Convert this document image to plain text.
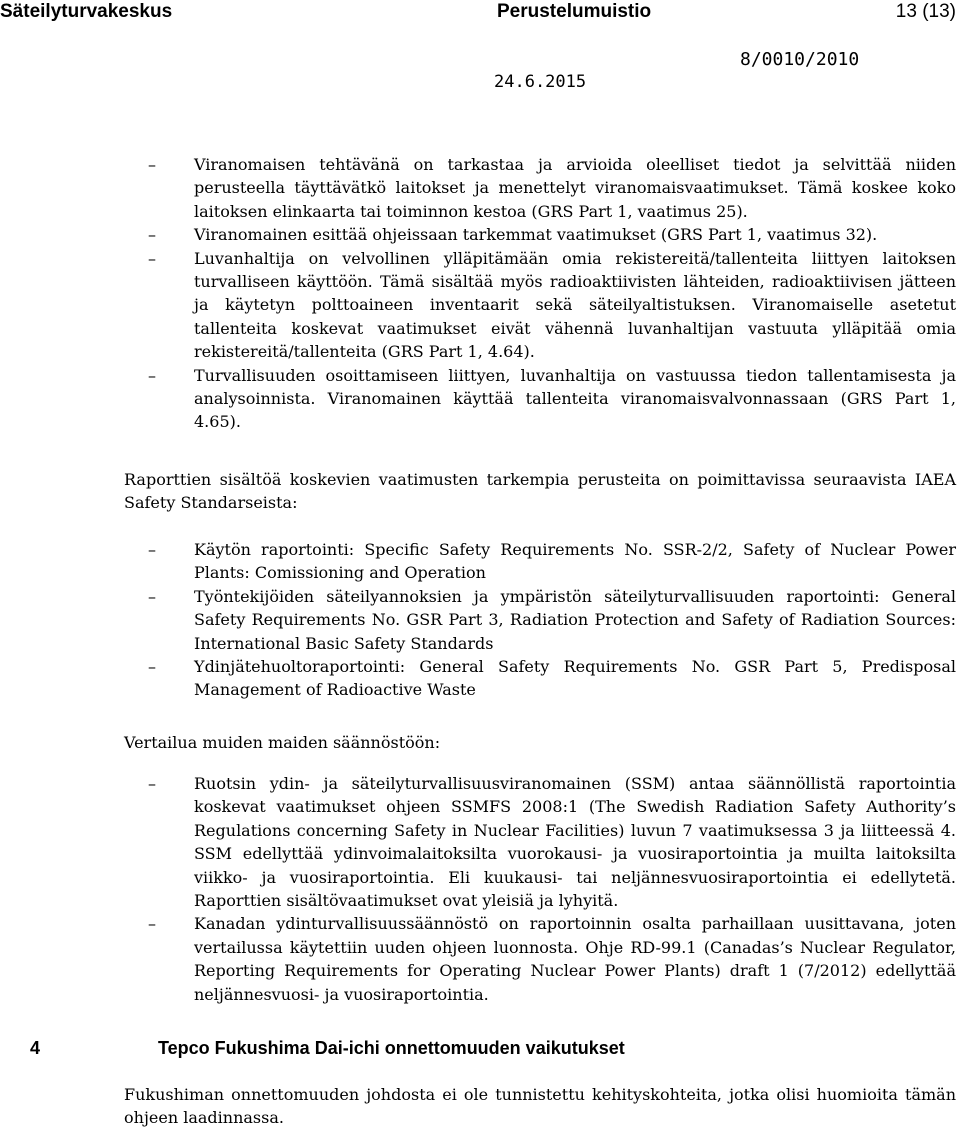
Säteilyturvakeskus	Perustelumuistio	13 (13)
8/0010/2010
24.6.2015
– Viranomaisen tehtävänä on tarkastaa ja arvioida oleelliset tiedot ja selvittää niiden perusteella täyttävätkö laitokset ja menettelyt viranomaisvaatimukset. Tämä koskee koko laitoksen elinkaarta tai toiminnon kestoa (GRS Part 1, vaatimus 25).
– Viranomainen esittää ohjeissaan tarkemmat vaatimukset (GRS Part 1, vaatimus 32).
– Luvanhaltija on velvollinen ylläpitämään omia rekistereitä/tallenteita liittyen laitoksen turvalliseen käyttöön. Tämä sisältää myös radioaktiivisten lähteiden, radioaktiivisen jätteen ja käytetyn polttoaineen inventaarit sekä säteilyaltistuksen. Viranomaiselle asetetut tallenteita koskevat vaatimukset eivät vähennä luvanhaltijan vastuuta ylläpitää omia rekistereitä/tallenteita (GRS Part 1, 4.64).
– Turvallisuuden osoittamiseen liittyen, luvanhaltija on vastuussa tiedon tallentamisesta ja analysoinnista. Viranomainen käyttää tallenteita viranomaisvalvonnassaan (GRS Part 1, 4.65).
Raporttien sisältöä koskevien vaatimusten tarkempia perusteita on poimittavissa seuraavista IAEA Safety Standarseista:
– Käytön raportointi: Specific Safety Requirements No. SSR-2/2, Safety of Nuclear Power Plants: Comissioning and Operation
– Työntekijöiden säteilyannoksien ja ympäristön säteilyturvallisuuden raportointi: General Safety Requirements No. GSR Part 3, Radiation Protection and Safety of Radiation Sources: International Basic Safety Standards
– Ydinjätehuoltoraportointi: General Safety Requirements No. GSR Part 5, Predisposal Management of Radioactive Waste
Vertailua muiden maiden säännöstöön:
– Ruotsin ydin- ja säteilyturvallisuusviranomainen (SSM) antaa säännöllistä raportointia koskevat vaatimukset ohjeen SSMFS 2008:1 (The Swedish Radiation Safety Authority’s Regulations concerning Safety in Nuclear Facilities) luvun 7 vaatimuksessa 3 ja liitteessä 4. SSM edellyttää ydinvoimalaitoksilta vuorokausi- ja vuosiraportointia ja muilta laitoksilta viikko- ja vuosiraportointia. Eli kuukausi- tai neljännesvuosiraportointia ei edellytetä. Raporttien sisältövaatimukset ovat yleisiä ja lyhyitä.
– Kanadan ydinturvallisuussäännöstö on raportoinnin osalta parhaillaan uusittavana, joten vertailussa käytettiin uuden ohjeen luonnosta. Ohje RD-99.1 (Canadas’s Nuclear Regulator, Reporting Requirements for Operating Nuclear Power Plants) draft 1 (7/2012) edellyttää neljännesvuosi- ja vuosiraportointia.
4	Tepco Fukushima Dai-ichi onnettomuuden vaikutukset
Fukushiman onnettomuuden johdosta ei ole tunnistettu kehityskohteita, jotka olisi huomioita tämän ohjeen laadinnassa.
